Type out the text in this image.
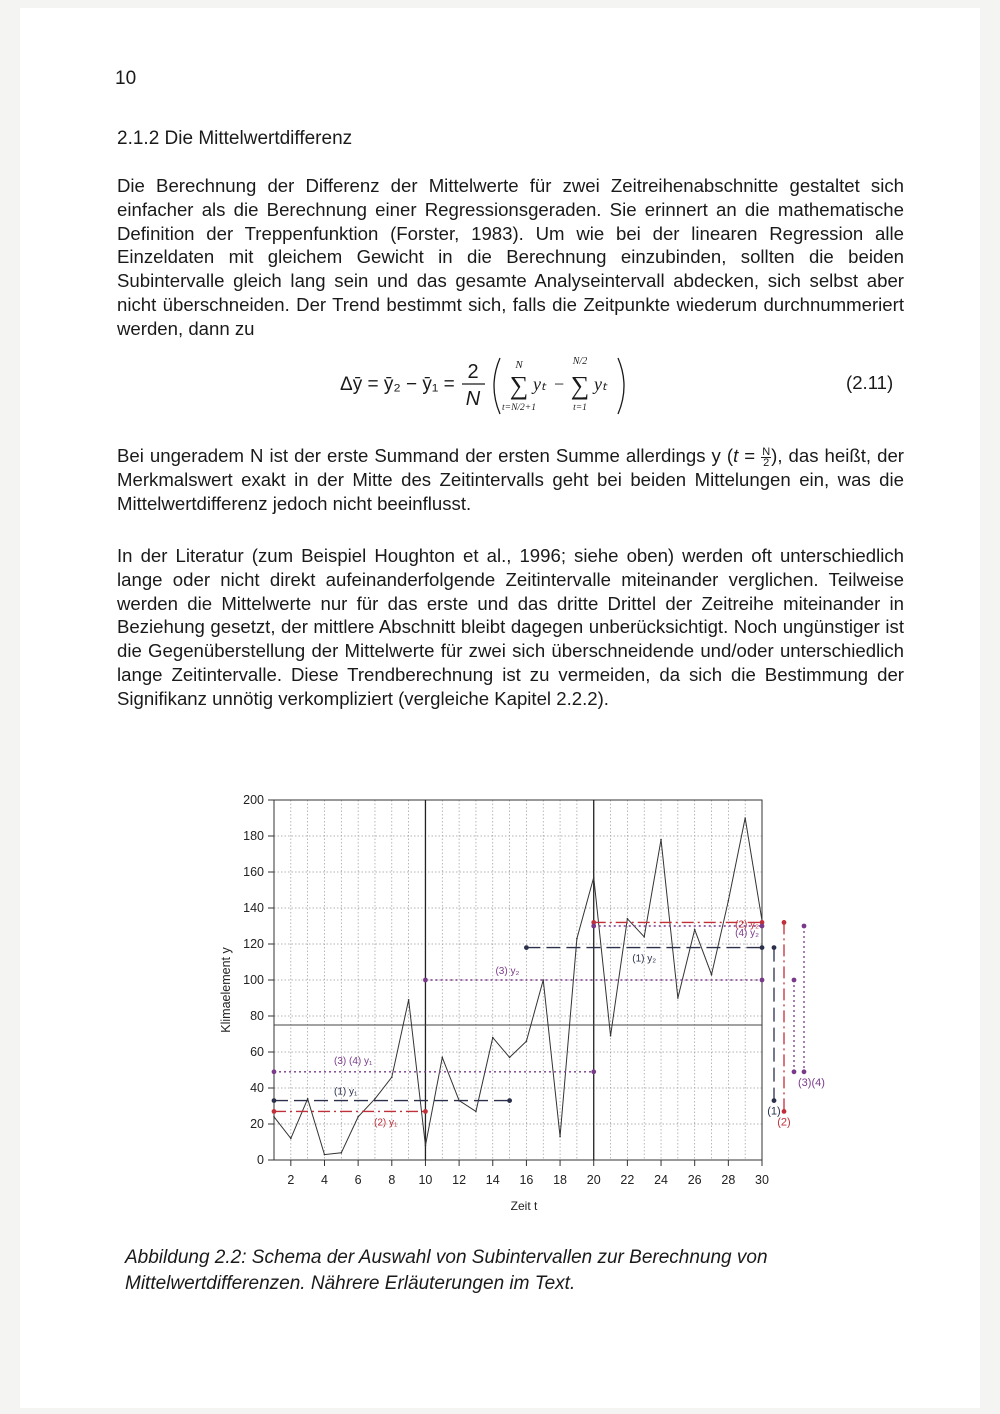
10
2.1.2 Die Mittelwertdifferenz

Die Berechnung der Differenz der Mittelwerte für zwei Zeitreihenabschnitte gestaltet sich einfacher als die Berechnung einer Regressionsgeraden. Sie erinnert an die mathematische Definition der Treppenfunktion (Forster, 1983). Um wie bei der linearen Regression alle Einzeldaten mit gleichem Gewicht in die Berechnung einzubinden, sollten die beiden Subintervalle gleich lang sein und das gesamte Analyseintervall abdecken, sich selbst aber nicht überschneiden. Der Trend bestimmt sich, falls die Zeitpunkte wiederum durchnummeriert werden, dann zu

Δȳ = ȳ₂ − ȳ₁ =
2
N
N
∑
t=N/2+1
yₜ −
N/2
∑
t=1
yₜ	(2.11)

Bei ungeradem N ist der erste Summand der ersten Summe allerdings y ($t = \frac{N}{2}$ ), das heißt, der Merkmalswert exakt in der Mitte des Zeitintervalls geht bei beiden Mittelungen ein, was die Mittelwertdifferenz jedoch nicht beeinflusst.

In der Literatur (zum Beispiel Houghton et al., 1996; siehe oben) werden oft unterschiedlich lange oder nicht direkt aufeinanderfolgende Zeitintervalle miteinander verglichen. Teilweise werden die Mittelwerte nur für das erste und das dritte Drittel der Zeitreihe miteinander in Beziehung gesetzt, der mittlere Abschnitt bleibt dagegen unberücksichtigt. Noch ungünstiger ist die Gegenüberstellung der Mittelwerte für zwei sich überschneidende und/oder unterschiedlich lange Zeitintervalle. Diese Trendberechnung ist zu vermeiden, da sich die Bestimmung der Signifikanz unnötig verkompliziert (vergleiche Kapitel 2.2.2).

0
20
40
60
80
100
120
140
160
180
200
2 4 6 8 10 12 14 16 18 20 22 24 26 28 30
Zeit t
Klimaelement y
(1) y₁
(1) y₂
(2) y₁
(2) y₂
(3) (4) y₁
(3) y₂
(4) y₂
(1)
(2)
(3)(4)

Abbildung 2.2: Schema der Auswahl von Subintervallen zur Berechnung von Mittelwertdifferenzen. Nährere Erläuterungen im Text.
